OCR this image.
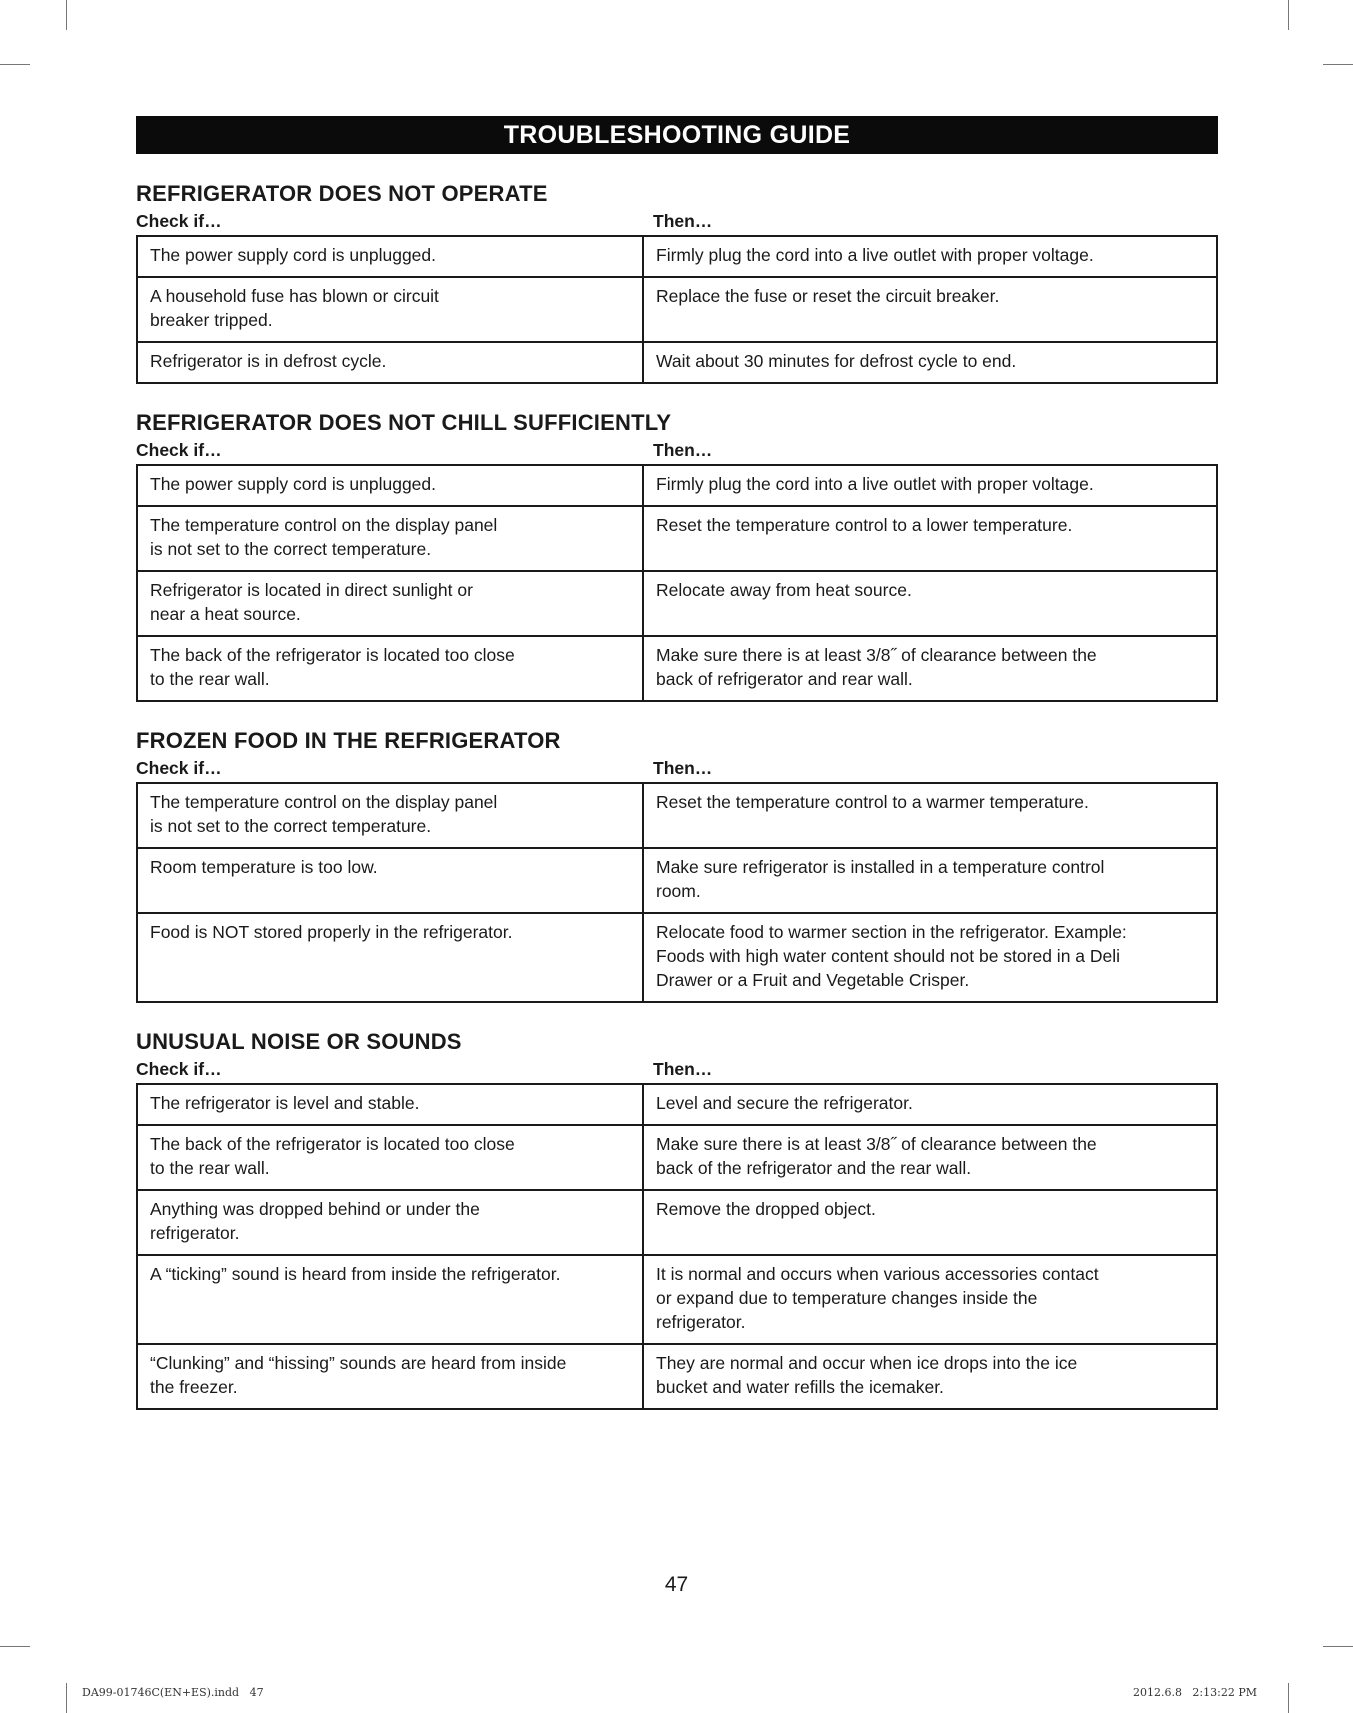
TROUBLESHOOTING GUIDE
REFRIGERATOR DOES NOT OPERATE
Check if…	Then…
The power supply cord is unplugged.	Firmly plug the cord into a live outlet with proper voltage.
A household fuse has blown or circuit
breaker tripped.	Replace the fuse or reset the circuit breaker.
Refrigerator is in defrost cycle.	Wait about 30 minutes for defrost cycle to end.
REFRIGERATOR DOES NOT CHILL SUFFICIENTLY
Check if…	Then…
The power supply cord is unplugged.	Firmly plug the cord into a live outlet with proper voltage.
The temperature control on the display panel
is not set to the correct temperature.	Reset the temperature control to a lower temperature.
Refrigerator is located in direct sunlight or
near a heat source.	Relocate away from heat source.
The back of the refrigerator is located too close
to the rear wall.	Make sure there is at least 3/8˝ of clearance between the
back of refrigerator and rear wall.
FROZEN FOOD IN THE REFRIGERATOR
Check if…	Then…
The temperature control on the display panel
is not set to the correct temperature.	Reset the temperature control to a warmer temperature.
Room temperature is too low.	Make sure refrigerator is installed in a temperature control
room.
Food is NOT stored properly in the refrigerator.	Relocate food to warmer section in the refrigerator. Example:
Foods with high water content should not be stored in a Deli
Drawer or a Fruit and Vegetable Crisper.
UNUSUAL NOISE OR SOUNDS
Check if…	Then…
The refrigerator is level and stable.	Level and secure the refrigerator.
The back of the refrigerator is located too close
to the rear wall.	Make sure there is at least 3/8˝ of clearance between the
back of the refrigerator and the rear wall.
Anything was dropped behind or under the
refrigerator.	Remove the dropped object.
A “ticking” sound is heard from inside the refrigerator.	It is normal and occurs when various accessories contact
or expand due to temperature changes inside the
refrigerator.
“Clunking” and “hissing” sounds are heard from inside
the freezer.	They are normal and occur when ice drops into the ice
bucket and water refills the icemaker.
47
DA99-01746C(EN+ES).indd   47	2012.6.8   2:13:22 PM
